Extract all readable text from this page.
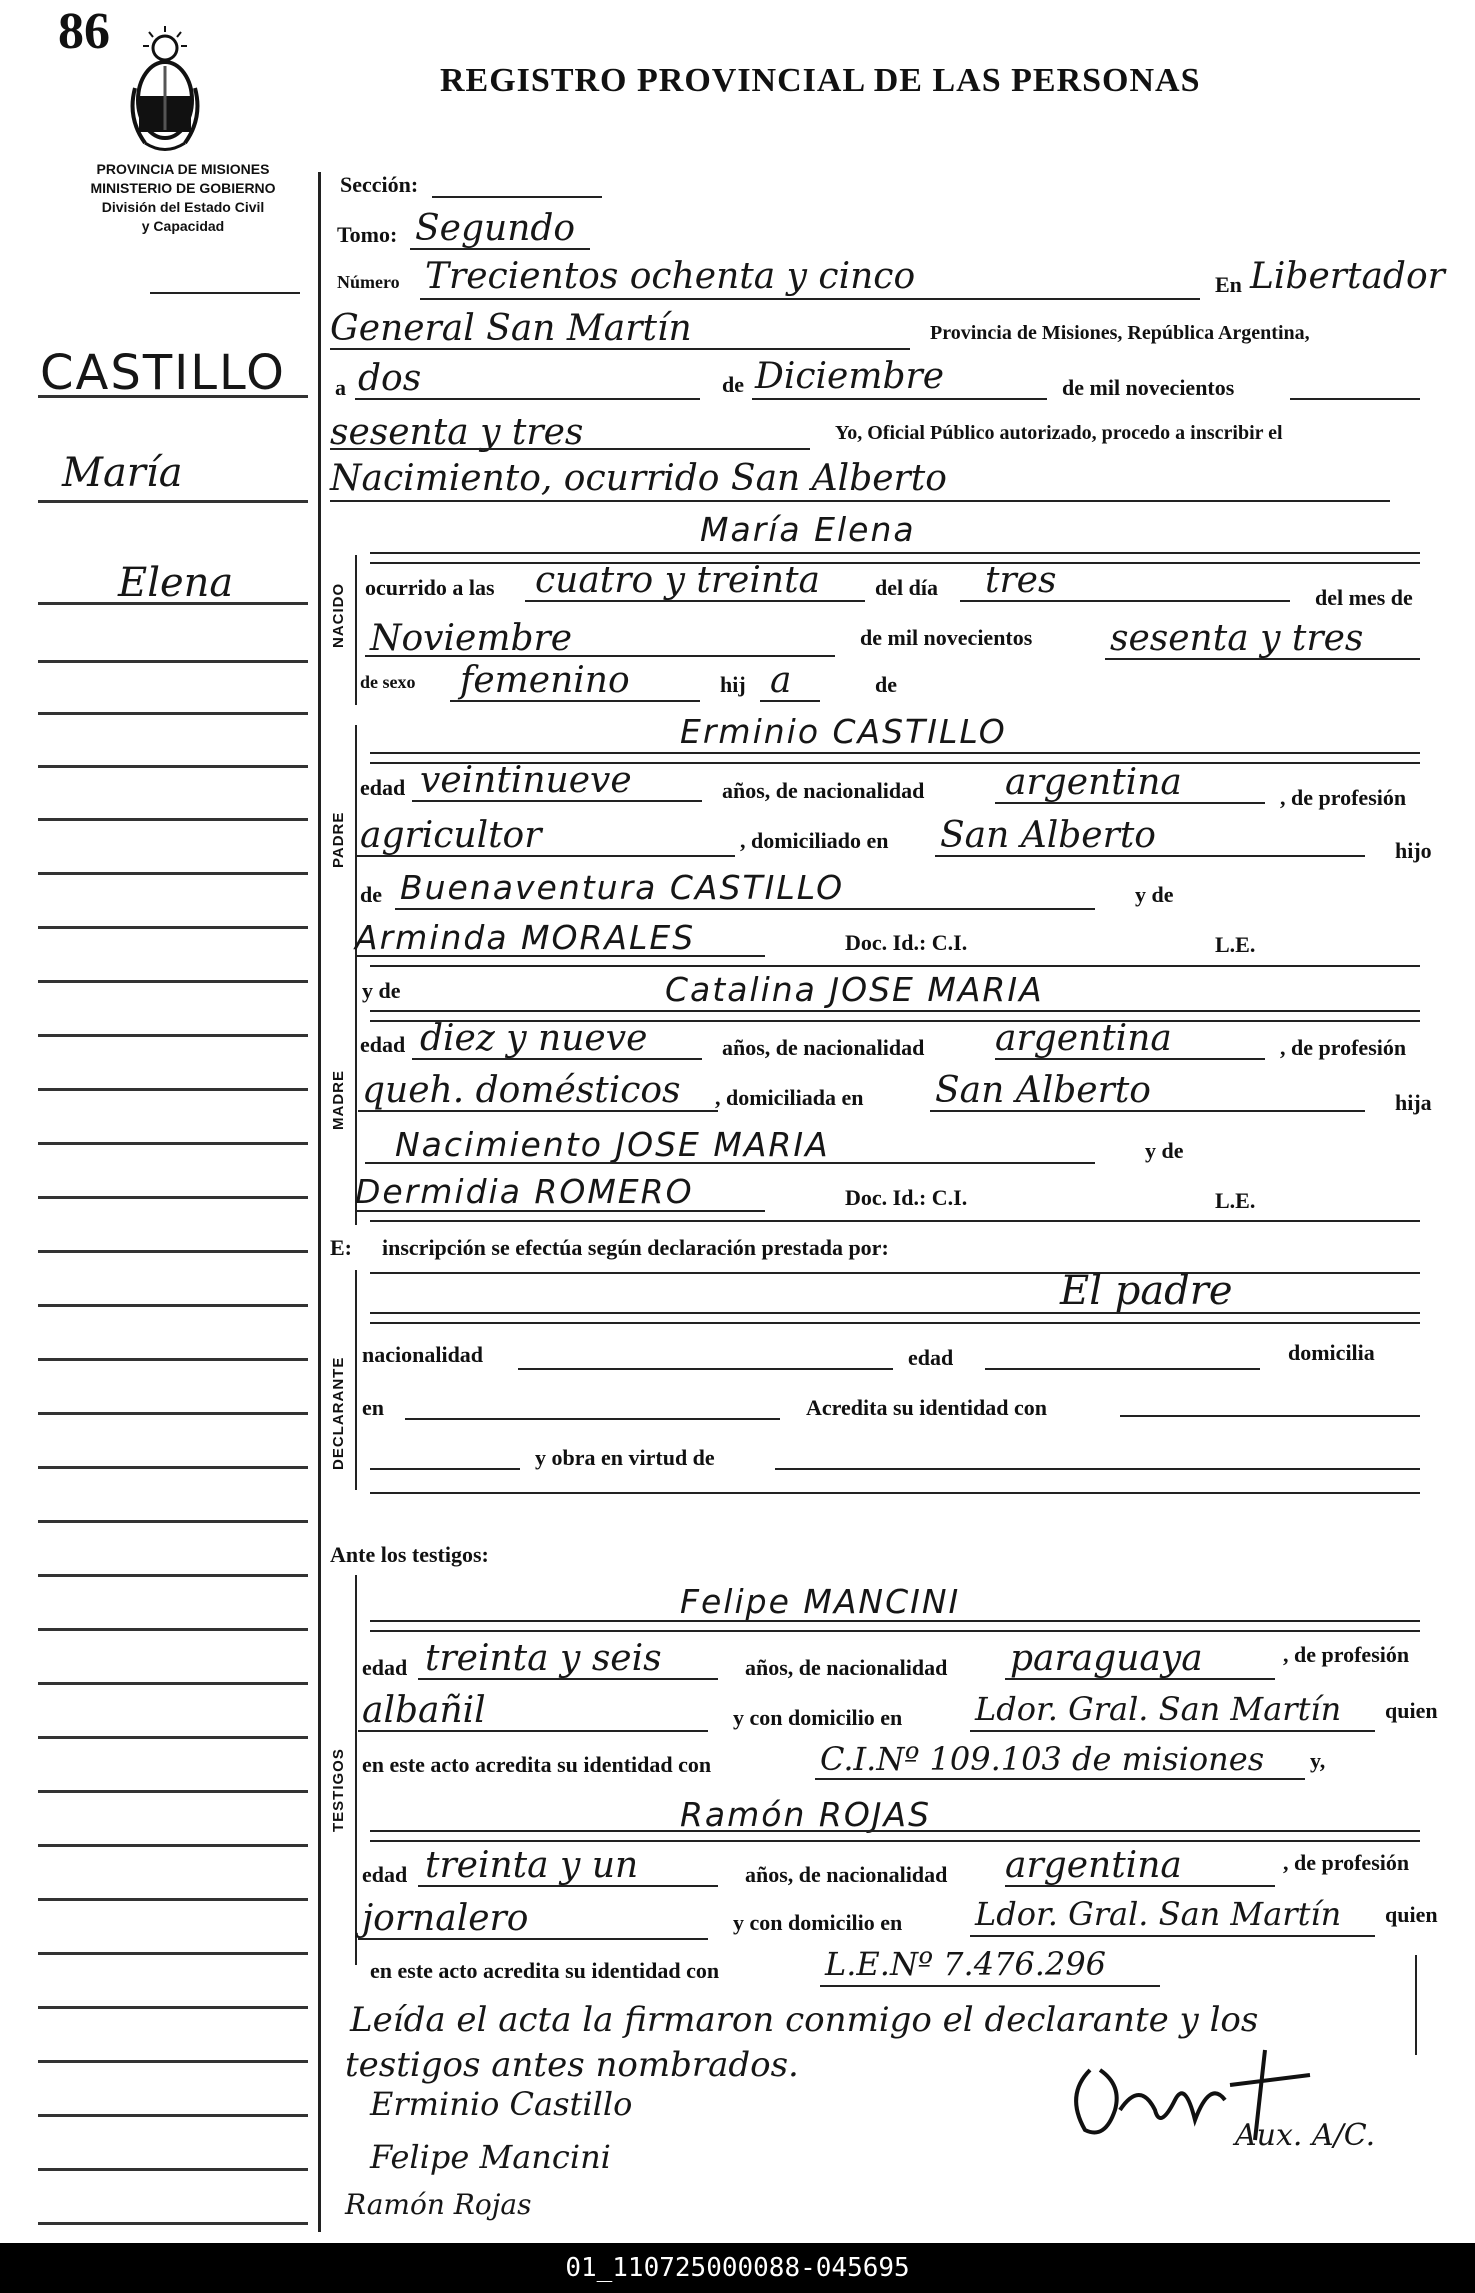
86
REGISTRO PROVINCIAL DE LAS PERSONAS
PROVINCIA DE MISIONES
MINISTERIO DE GOBIERNO
División del Estado Civil
y Capacidad
CASTILLO
María
Elena	NACIDO
PADRE
MADRE
DECLARANTE
TESTIGOS
Sección:
Tomo: Segundo
Número Trecientos ochenta y cinco	En Libertador
General San Martín	Provincia de Misiones, República Argentina,
a dos	de Diciembre	de mil novecientos
sesenta y tres	Yo, Oficial Público autorizado, procedo a inscribir el
Nacimiento, ocurrido San Alberto
María Elena
ocurrido a las cuatro y treinta	del día tres	del mes de
Noviembre	de mil novecientos sesenta y tres
de sexo femenino	hij a	de
Erminio CASTILLO
edad veintinueve	años, de nacionalidad argentina	, de profesión
agricultor	, domiciliado en San Alberto	hijo
de Buenaventura CASTILLO	y de
Arminda MORALES	Doc. Id.: C.I.	L.E.
y de	Catalina JOSE MARIA
edad diez y nueve	años, de nacionalidad argentina	, de profesión
queh. domésticos , domiciliada en San Alberto	hija
Nacimiento JOSE MARIA	y de
Dermidia ROMERO	Doc. Id.: C.I.	L.E.
E: inscripción se efectúa según declaración prestada por:
El padre
nacionalidad	edad	domicilia
en	Acredita su identidad con
y obra en virtud de
Ante los testigos:
Felipe MANCINI
edad treinta y seis	años, de nacionalidad paraguaya	, de profesión
albañil	y con domicilio en Ldor. Gral. San Martín quien
en este acto acredita su identidad con	C.I.Nº 109.103 de misiones y,
Ramón ROJAS
edad treinta y un	años, de nacionalidad argentina	, de profesión
jornalero	y con domicilio en Ldor. Gral. San Martín quien
en este acto acredita su identidad con	L.E.Nº 7.476.296
Leída el acta la firmaron conmigo el declarante y los
testigos antes nombrados.
Erminio Castillo
Felipe Mancini
Ramón Rojas
Aux. A/C.
01_110725000088-045695
